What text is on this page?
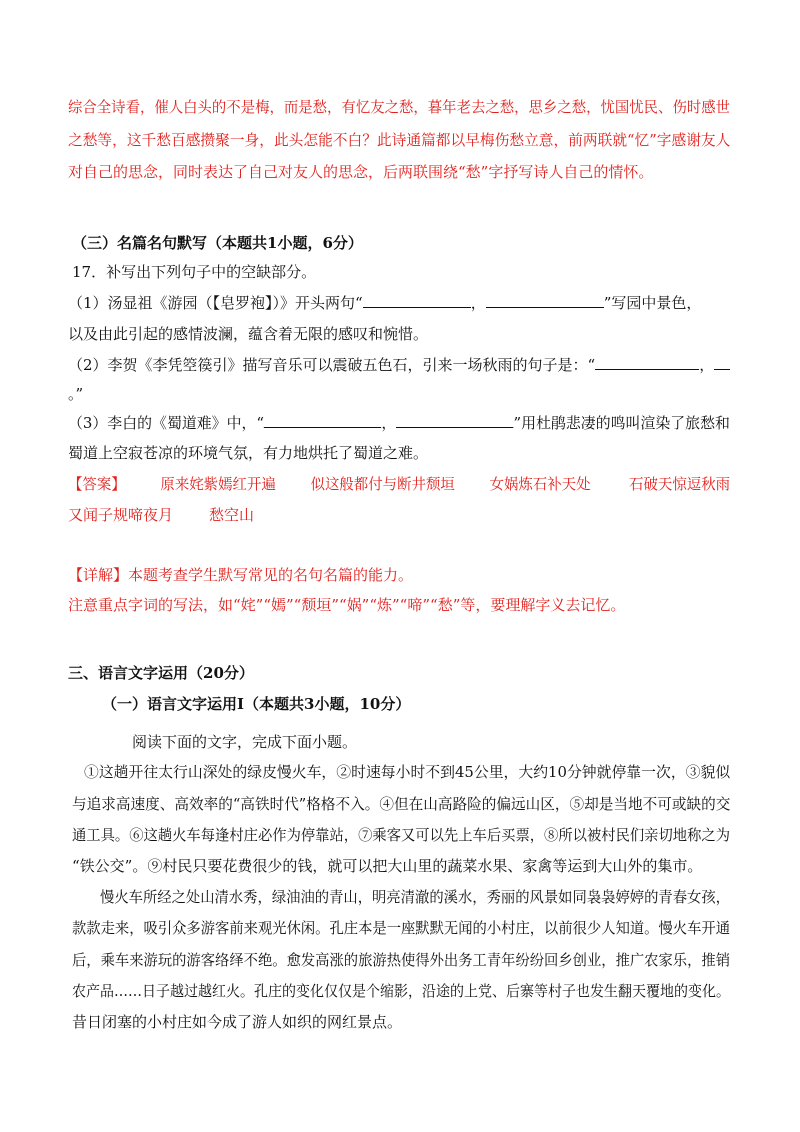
综合全诗看，催人白头的不是梅，而是愁，有忆友之愁，暮年老去之愁，思乡之愁，忧国忧民、伤时感世
之愁等，这千愁百感攒聚一身，此头怎能不白？此诗通篇都以早梅伤愁立意，前两联就“忆”字感谢友人
对自己的思念，同时表达了自己对友人的思念，后两联围绕“愁”字抒写诗人自己的情怀。
（三）名篇名句默写（本题共1小题，6分）
17．补写出下列句子中的空缺部分。
（1）汤显祖《游园（【皂罗袍】）》开头两句“	，	”写园中景色，
以及由此引起的感情波澜，蕴含着无限的感叹和惋惜。
（2）李贺《李凭箜篌引》描写音乐可以震破五色石，引来一场秋雨的句子是：“	，
。”
（3）李白的《蜀道难》中，“	，	”用杜鹃悲凄的鸣叫渲染了旅愁和
蜀道上空寂苍凉的环境气氛，有力地烘托了蜀道之难。
【答案】 原来姹紫嫣红开遍 似这般都付与断井颓垣 女娲炼石补天处	石破天惊逗秋雨
又闻子规啼夜月 愁空山
【详解】本题考查学生默写常见的名句名篇的能力。
注意重点字词的写法，如“姹”“嫣”“颓垣”“娲”“炼”“啼”“愁”等，要理解字义去记忆。
三、语言文字运用（20分）
（一）语言文字运用Ⅰ（本题共3小题，10分）
阅读下面的文字，完成下面小题。
①这趟开往太行山深处的绿皮慢火车，②时速每小时不到45公里，大约10分钟就停靠一次，③貌似
与追求高速度、高效率的“高铁时代”格格不入。④但在山高路险的偏远山区，⑤却是当地不可或缺的交
通工具。⑥这趟火车每逢村庄必作为停靠站，⑦乘客又可以先上车后买票，⑧所以被村民们亲切地称之为
“铁公交”。⑨村民只要花费很少的钱，就可以把大山里的蔬菜水果、家禽等运到大山外的集市。
慢火车所经之处山清水秀，绿油油的青山，明亮清澈的溪水，秀丽的风景如同袅袅婷婷的青春女孩，
款款走来，吸引众多游客前来观光休闲。孔庄本是一座默默无闻的小村庄，以前很少人知道。慢火车开通
后，乘车来游玩的游客络绎不绝。愈发高涨的旅游热使得外出务工青年纷纷回乡创业，推广农家乐，推销
农产品……日子越过越红火。孔庄的变化仅仅是个缩影，沿途的上党、后寨等村子也发生翻天覆地的变化。
昔日闭塞的小村庄如今成了游人如织的网红景点。
